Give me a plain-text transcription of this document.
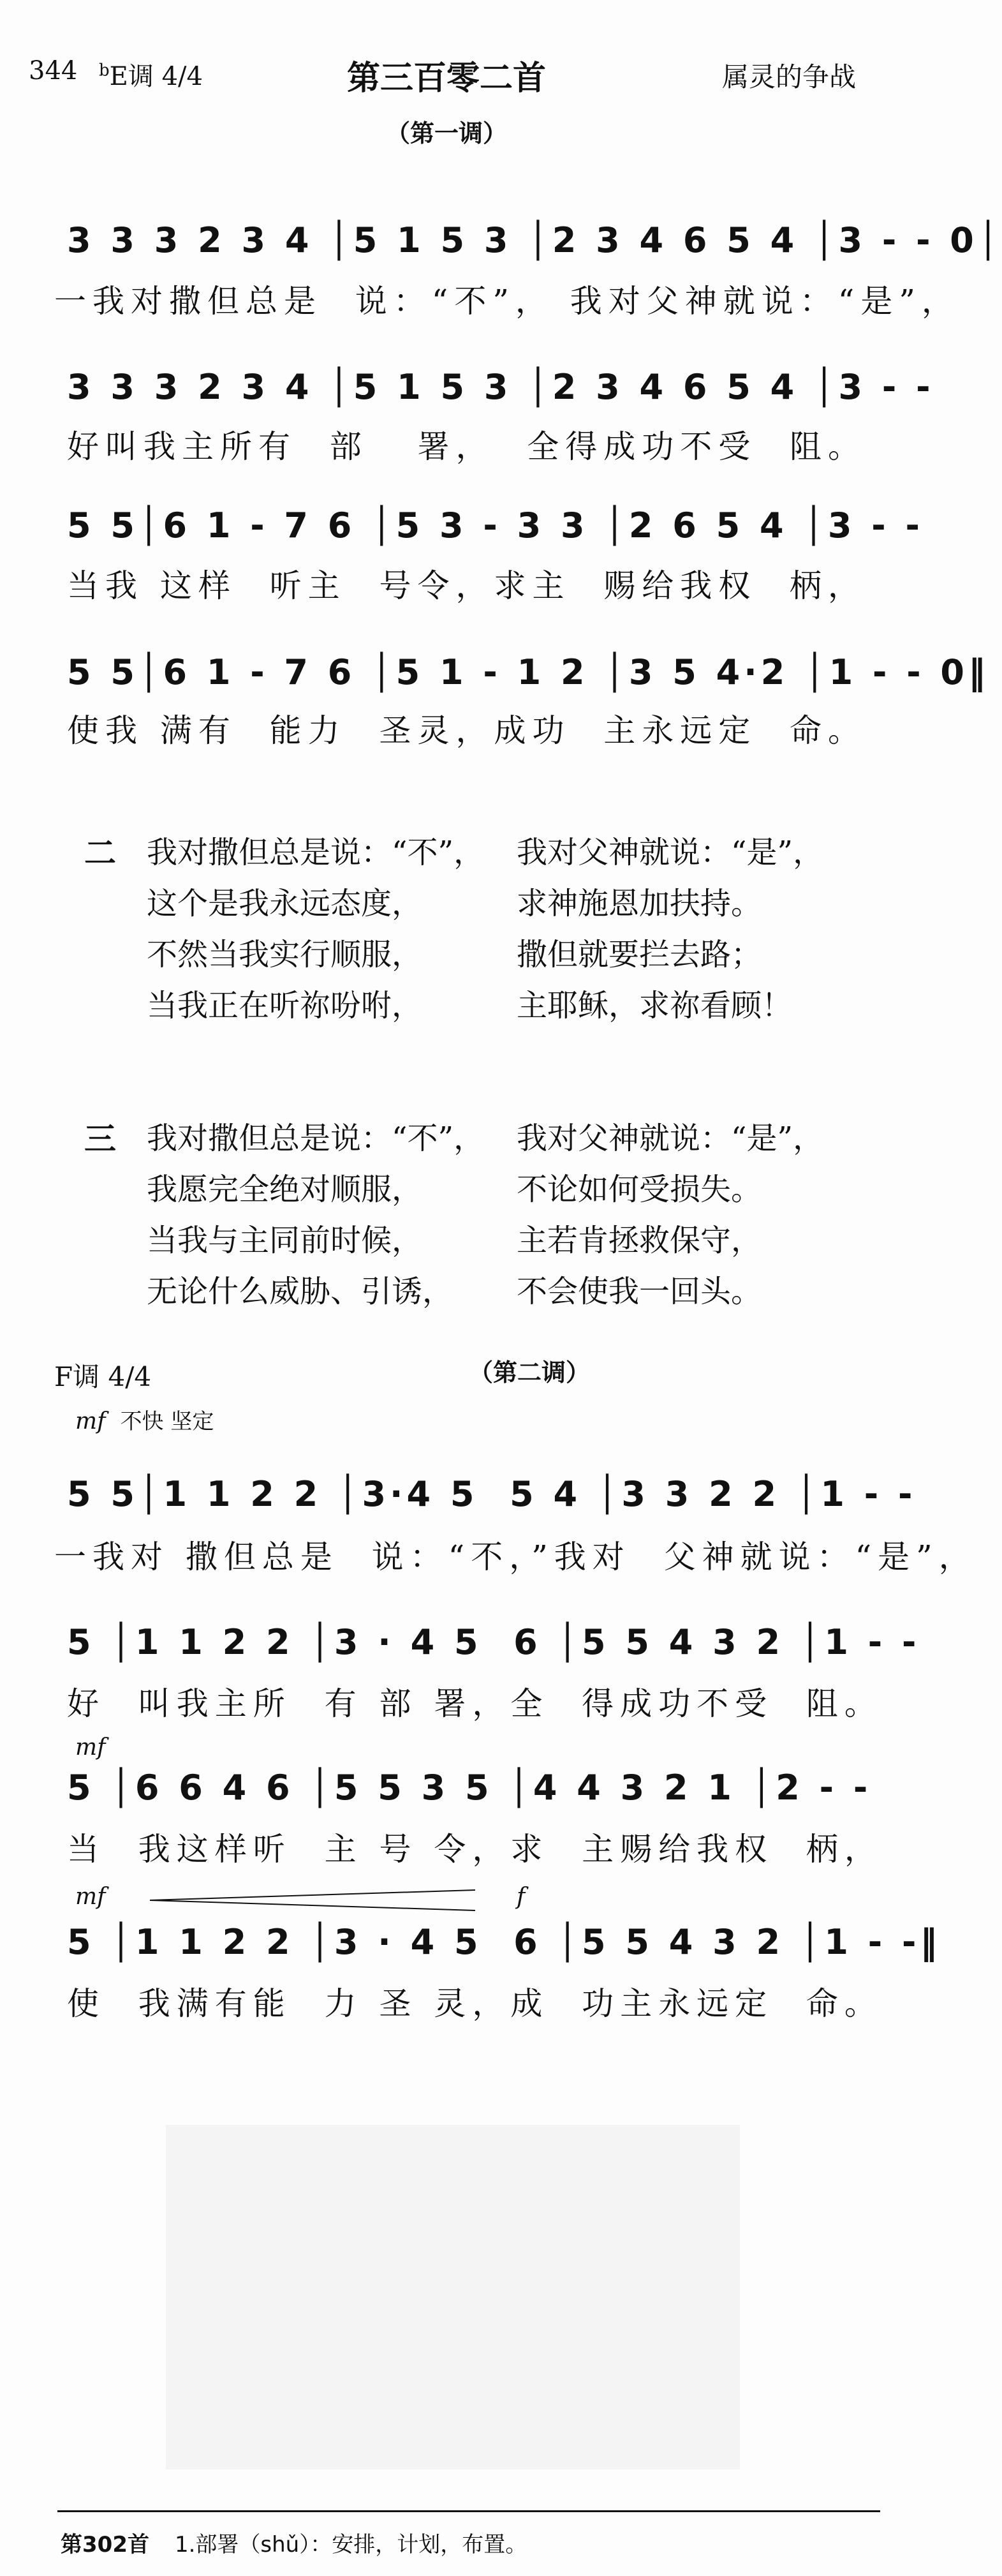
344 $^b$E调 4/4	第三百零二首	属灵的争战
（第一调）
3 3 3 2 3 4 │5 1 5 3 │2 3 4 6 5 4 │3 - - 0│
一我对撒但总是  说：“不”， 我对父神就说：“是”，
3 3 3 2 3 4 │5 1 5 3 │2 3 4 6 5 4 │3 - -
好叫我主所有  部   署，  全得成功不受  阻。
5 5│6 1 - 7 6 │5 3 - 3 3 │2 6 5 4 │3 - -
当我 这样  听主  号令，求主  赐给我权  柄，
5 5│6 1 - 7 6 │5 1 - 1 2 │3 5 4·2 │1 - - 0‖
使我 满有  能力  圣灵，成功  主永远定  命。
二 我对撒但总是说：“不”， 我对父神就说：“是”，
这个是我永远态度，	求神施恩加扶持。
不然当我实行顺服，	撒但就要拦去路；
当我正在听祢吩咐，	主耶稣，求祢看顾！
三 我对撒但总是说：“不”， 我对父神就说：“是”，
我愿完全绝对顺服，	不论如何受损失。
当我与主同前时候，	主若肯拯救保守，
无论什么威胁、引诱， 不会使我一回头。
F调 4/4	（第二调）
mf 不快 坚定
5 5│1 1 2 2 │3·4 5  5 4 │3 3 2 2 │1 - -
一我对 撒但总是  说：“不，”我对  父神就说：“是”，
5 │1 1 2 2 │3 · 4 5  6 │5 5 4 3 2 │1 - -
好  叫我主所  有 部 署，全  得成功不受  阻。
mf
5 │6 6 4 6 │5 5 3 5 │4 4 3 2 1 │2 - -
当  我这样听  主 号 令，求  主赐给我权  柄，
mf	f
5 │1 1 2 2 │3 · 4 5  6 │5 5 4 3 2 │1 - -‖
使  我满有能  力 圣 灵，成  功主永远定  命。
第302首 1.部署（shǔ）：安排，计划，布置。
